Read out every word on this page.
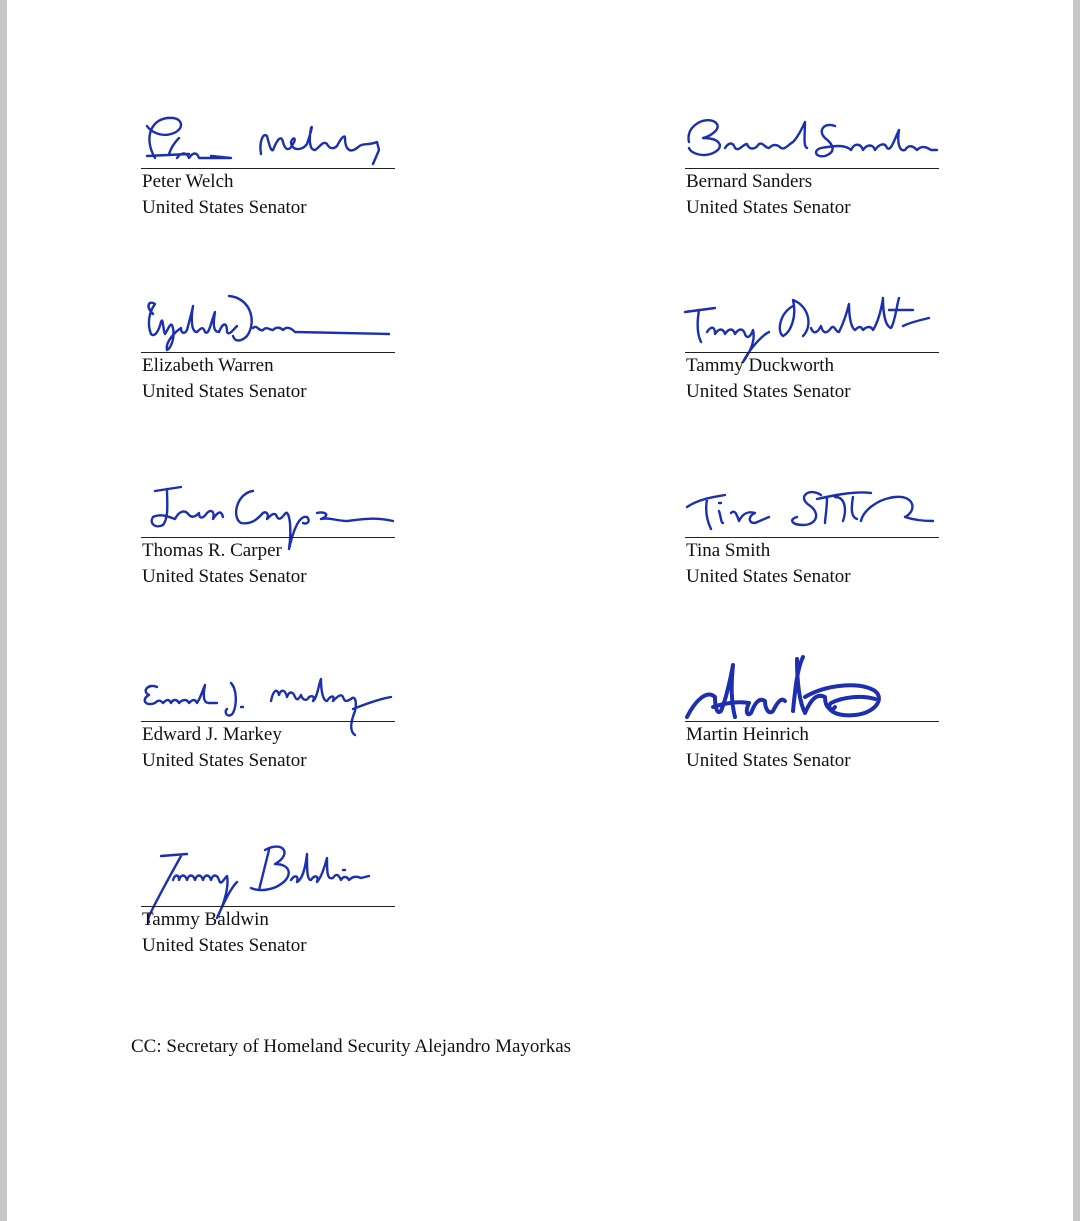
Peter Welch
United States Senator
Bernard Sanders
United States Senator
Elizabeth Warren
United States Senator
Tammy Duckworth
United States Senator
Thomas R. Carper
United States Senator
Tina Smith
United States Senator
Edward J. Markey
United States Senator
Martin Heinrich
United States Senator
Tammy Baldwin
United States Senator
CC: Secretary of Homeland Security Alejandro Mayorkas
